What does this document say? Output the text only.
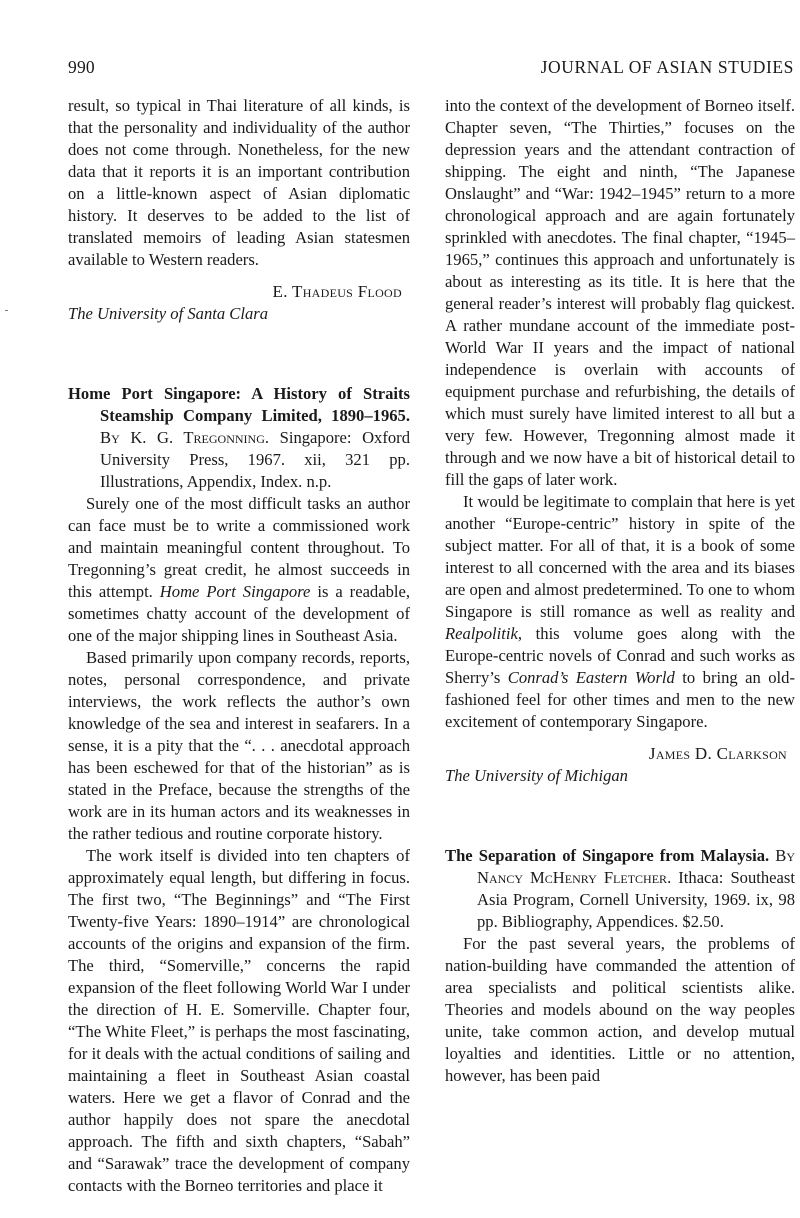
990	JOURNAL OF ASIAN STUDIES

result, so typical in Thai literature of all kinds, is that the personality and individuality of the author does not come through. Nonetheless, for the new data that it reports it is an important contribution on a little-known aspect of Asian diplomatic history. It deserves to be added to the list of translated memoirs of leading Asian statesmen available to Western readers.

E. Thadeus Flood

The University of Santa Clara

Home Port Singapore: A History of Straits Steamship Company Limited, 1890–1965. By K. G. Tregonning. Singapore: Oxford University Press, 1967. xii, 321 pp. Illustrations, Appendix, Index. n.p.

Surely one of the most difficult tasks an author can face must be to write a commissioned work and maintain meaningful content throughout. To Tregonning’s great credit, he almost succeeds in this attempt. Home Port Singapore is a readable, sometimes chatty account of the development of one of the major shipping lines in Southeast Asia.

Based primarily upon company records, reports, notes, personal correspondence, and private interviews, the work reflects the author’s own knowledge of the sea and interest in seafarers. In a sense, it is a pity that the “. . . anecdotal approach has been eschewed for that of the historian” as is stated in the Preface, because the strengths of the work are in its human actors and its weaknesses in the rather tedious and routine corporate history.

The work itself is divided into ten chapters of approximately equal length, but differing in focus. The first two, “The Beginnings” and “The First Twenty-five Years: 1890–1914” are chronological accounts of the origins and expansion of the firm. The third, “Somerville,” concerns the rapid expansion of the fleet following World War I under the direction of H. E. Somerville. Chapter four, “The White Fleet,” is perhaps the most fascinating, for it deals with the actual conditions of sailing and maintaining a fleet in Southeast Asian coastal waters. Here we get a flavor of Conrad and the author happily does not spare the anecdotal approach. The fifth and sixth chapters, “Sabah” and “Sarawak” trace the development of company contacts with the Borneo territories and place it

into the context of the development of Borneo itself. Chapter seven, “The Thirties,” focuses on the depression years and the attendant contraction of shipping. The eight and ninth, “The Japanese Onslaught” and “War: 1942–1945” return to a more chronological approach and are again fortunately sprinkled with anecdotes. The final chapter, “1945–1965,” continues this approach and unfortunately is about as interesting as its title. It is here that the general reader’s interest will probably flag quickest. A rather mundane account of the immediate post-World War II years and the impact of national independence is overlain with accounts of equipment purchase and refurbishing, the details of which must surely have limited interest to all but a very few. However, Tregonning almost made it through and we now have a bit of historical detail to fill the gaps of later work.

It would be legitimate to complain that here is yet another “Europe-centric” history in spite of the subject matter. For all of that, it is a book of some interest to all concerned with the area and its biases are open and almost predetermined. To one to whom Singapore is still romance as well as reality and Realpolitik, this volume goes along with the Europe-centric novels of Conrad and such works as Sherry’s Conrad’s Eastern World to bring an old-fashioned feel for other times and men to the new excitement of contemporary Singapore.

James D. Clarkson

The University of Michigan

The Separation of Singapore from Malaysia. By Nancy McHenry Fletcher. Ithaca: Southeast Asia Program, Cornell University, 1969. ix, 98 pp. Bibliography, Appendices. $2.50.

For the past several years, the problems of nation-building have commanded the attention of area specialists and political scientists alike. Theories and models abound on the way peoples unite, take common action, and develop mutual loyalties and identities. Little or no attention, however, has been paid
